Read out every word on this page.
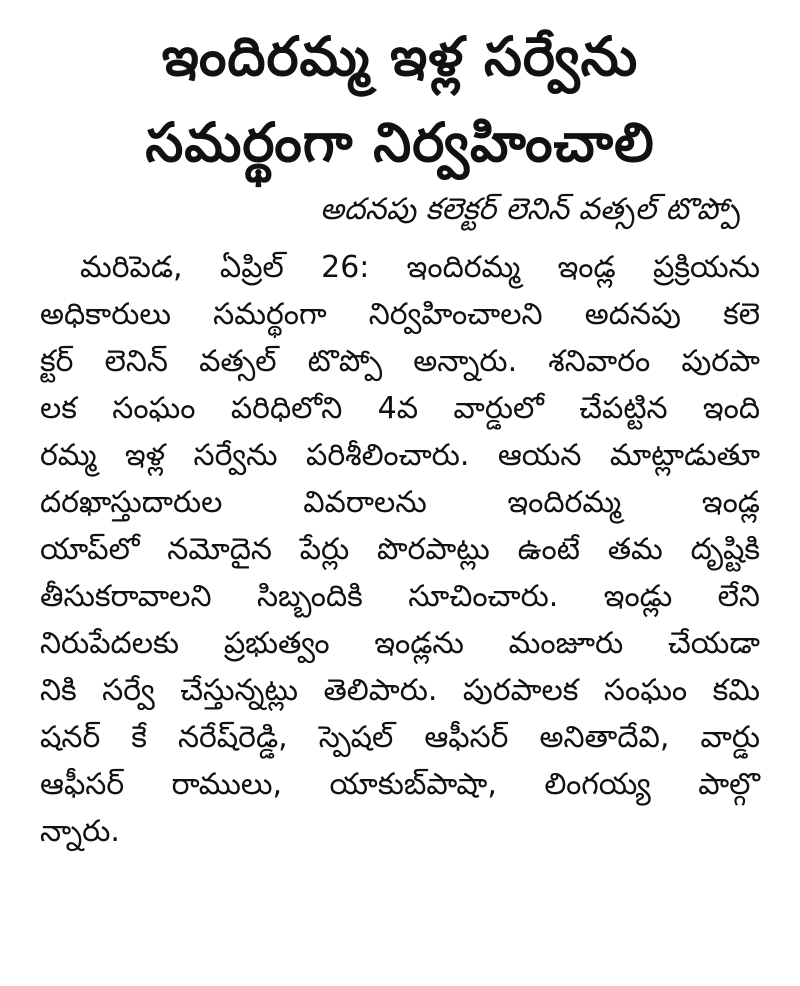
ఇందిరమ్మ ఇళ్ల సర్వేను
సమర్థంగా నిర్వహించాలి
అదనపు కలెక్టర్ లెనిన్ వత్సల్ టొప్పో

మరిపెడ, ఏప్రిల్ 26: ఇందిరమ్మ ఇండ్ల ప్రక్రియను
అధికారులు సమర్థంగా నిర్వహించాలని అదనపు కలె
క్టర్ లెనిన్ వత్సల్ టొప్పో అన్నారు. శనివారం పురపా
లక సంఘం పరిధిలోని 4వ వార్డులో చేపట్టిన ఇంది
రమ్మ ఇళ్ల సర్వేను పరిశీలించారు. ఆయన మాట్లాడుతూ
దరఖాస్తుదారుల వివరాలను ఇందిరమ్మ ఇండ్ల
యాప్‌లో నమోదైన పేర్లు పొరపాట్లు ఉంటే తమ దృష్టికి
తీసుకరావాలని సిబ్బందికి సూచించారు. ఇండ్లు లేని
నిరుపేదలకు ప్రభుత్వం ఇండ్లను మంజూరు చేయడా
నికి సర్వే చేస్తున్నట్లు తెలిపారు. పురపాలక సంఘం కమి
షనర్ కే నరేష్‌రెడ్డి, స్పెషల్ ఆఫీసర్ అనితాదేవి, వార్డు
ఆఫీసర్ రాములు, యాకుబ్‌పాషా, లింగయ్య పాల్గొ
న్నారు.
